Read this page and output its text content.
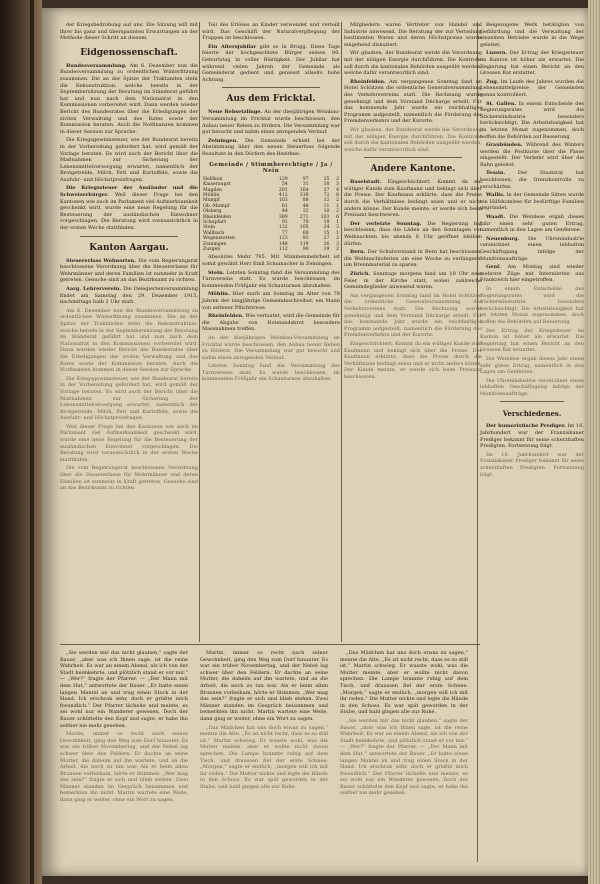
der Kriegsbedrohung auf uns. Die Sitzung will mit ihrer bis ganz und überspannten Erwartungen an der Methode dieser Schritt an diesem.

Eidgenossenschaft.

Bundesversammlung. Am 6. Dezember nun die Bundesversammlung zu ordentlichen Winterfitzung zusammen. Die an der Spitze der Traktanden steht die Rekonstruktion, welche bereits in der Septembersitzung der Beratung im Ständerat geführt hat und nun nach dem Nationalrat in den Kommissionen vorbereitet wird. Dann werden wieder Bericht des Bundesrates über die Erledigungen der zivilen Verwaltung und des Rates sowie der Kommission beraten. Auch die Notfinanzen kommen in dieser Session zur Sprache.

Die Kriegsgewinnsteuer, wie der Bundesrat bereits in der Vorbereitung gefordert hat, wird gemäß der Vorlage beraten. Es wird auch der Bericht über die Maßnahmen zur Sicherung der Lebensmittelversorgung erwartet, namentlich der Brotgetreide, Milch, Fett und Kartoffeln, sowie die Ausfuhr- und Höchstpreisfragen.

Die Kriegssteuer der Ausländer und die Schweizerbürger. Weil dieser Frage bei den Kantonen wie auch im Parlament viel Aufmerksamkeit geschenkt wird, wurde eine neue Regelung für die Besteuerung der ausländischen Einwohner vorgeschlagen. Die Beratung wird voraussichtlich in der ersten Woche stattfinden.

Kanton Aargau.

Steuererlass Wohnorten. Die vom Regierungsrat beschlossene Verordnung über die Steuererlasse für Wehrmänner und deren Familien ist nunmehr in Kraft getreten. Gesuche sind an das Bezirksamt zu richten.

Aarg. Lehrerverein. Die Delegiertenversammlung findet am Samstag den 29. Dezember 1915, nachmittags halb 2 Uhr statt.

Am 6. Dezember nun die Bundesversammlung zu ordentlichen Winterfitzung zusammen. Die an der Spitze der Traktanden steht die Rekonstruktion, welche bereits in der Septembersitzung der Beratung im Ständerat geführt hat und nun nach dem Nationalrat in den Kommissionen vorbereitet wird. Dann werden wieder Bericht des Bundesrates über die Erledigungen der zivilen Verwaltung und des Rates sowie der Kommission beraten. Auch die Notfinanzen kommen in dieser Session zur Sprache.

Die Kriegsgewinnsteuer, wie der Bundesrat bereits in der Vorbereitung gefordert hat, wird gemäß der Vorlage beraten. Es wird auch der Bericht über die Maßnahmen zur Sicherung der Lebensmittelversorgung erwartet, namentlich der Brotgetreide, Milch, Fett und Kartoffeln, sowie die Ausfuhr- und Höchstpreisfragen.

Weil dieser Frage bei den Kantonen wie auch im Parlament viel Aufmerksamkeit geschenkt wird, wurde eine neue Regelung für die Besteuerung der ausländischen Einwohner vorgeschlagen. Die Beratung wird voraussichtlich in der ersten Woche stattfinden.

Die vom Regierungsrat beschlossene Verordnung über die Steuererlasse für Wehrmänner und deren Familien ist nunmehr in Kraft getreten. Gesuche sind an das Bezirksamt zu richten.

Teil des Erlöses an Kinder verwendet und verteilt wird. Das Geschäft der Naturalverpflegung der Truppen ist beschlossen.

Ein Altersjubilar gibt es in Brugg. Diese Tage feierte der hochgeachtete Bürger seinen 80. Geburtstag in voller Rüstigkeit. Der Jubilar hat während vielen Jahren der Gemeinde als Gemeinderat gedient und geniesst allseits hohe Achtung.

Aus dem Fricktal.

Neue Rebsetzlinge. An der diesjährigen Weinbau-Versammlung im Fricktal wurde beschlossen, den Anbau neuer Reben zu fördern. Die Versammlung war gut besucht und nahm einen anregenden Verlauf.

Zeiningen. Die Gemeinde erhielt bei der Abstimmung über den neuen Steuerfuss folgende Resultate in den Dörfern des Bezirkes:

Gemeinde / Stimmberechtigte / Ja / Nein
Hellikon	129	97	25	2
Kaiseraugst	54	31	18	3
Magden	201	164	27	4
Möhlin	412	318	72	8
Mumpf	103	88	12	2
Ob.-Mumpf	61	48	11	1
Olsberg	44	32	10	2
Rheinfelden	389	271	103	6
Schupfart	91	70	19	1
Stein	132	105	24	3
Wallbach	77	60	15	1
Wegenstetten	123	93	27	2
Zeiningen	148	119	26	3
Zuzgen	112	90	19	2

Absolutes Mehr 795. Mit Stimmenmehrheit ist somit gewählt Herr Emil Schumacher in Zeiningen.

Stein. Letzten Sonntag fand die Versammlung des Turnvereins statt. Es wurde beschlossen, im kommenden Frühjahr ein Schauturnen abzuhalten.

Möhlin. Hier starb am Sonntag im Alter von 78 Jahren der langjährige Gemeindeschreiber, ein Mann von seltener Pflichttreue.

Rheinfelden. Wie verlautet, wird die Gemeinde für die Abgabe von Notstandsbrot besondere Massnahmen treffen.

An der diesjährigen Weinbau-Versammlung im Fricktal wurde beschlossen, den Anbau neuer Reben zu fördern. Die Versammlung war gut besucht und nahm einen anregenden Verlauf.

Letzten Sonntag fand die Versammlung des Turnvereins statt. Es wurde beschlossen, im kommenden Frühjahr ein Schauturnen abzuhalten.

Mitgliedern waren Vertreter von Handel und Industrie anwesend. Die Beratung der zur Verteilung bestimmten Waren und deren Höchstpreise wurde eingehend diskutiert.

Wir glauben, der Bundesrat werde die Verordnung mit der nötigen Energie durchführen. Die Kontrolle soll durch die kantonalen Behörden ausgeübt werden, welche dafür verantwortlich sind.

Rheinfelden. Am vergangenen Sonntag fand im Hotel Schützen die ordentliche Generalversammlung des Verkehrsvereins statt. Die Rechnung wurde genehmigt und dem Vorstand Décharge erteilt. Für das kommende Jahr wurde ein reichhaltiges Programm aufgestellt, namentlich die Förderung des Fremdenverkehrs und der Kurorte.

Wir glauben, der Bundesrat werde die Verordnung mit der nötigen Energie durchführen. Die Kontrolle soll durch die kantonalen Behörden ausgeübt werden, welche dafür verantwortlich sind.

Andere Kantone.

Baselstadt. Eingeschüchtert. Kommt da ein wütiger Kunde zum Kaufmann und beklagt sich über die Preise. Der Kaufmann erklärte, dass die Preise durch die Verhältnisse bedingt seien und er nicht anders könne. Der Kunde meinte, er werde sich beim Preisamt beschweren.

Der verletzte Sonntag. Die Regierung hat beschlossen, dass die Läden an den Sonntagen vor Weihnachten bis abends 6 Uhr geöffnet bleiben dürfen.

Bern. Der Schulvorstand in Bern hat beschlossen, die Weihnachtsferien um eine Woche zu verlängern, um Brennmaterial zu sparen.

Zürich. Sonntags morgens fand um 10 Uhr eine Feier in der Kirche statt, wobei zahlreiche Gemeindeglieder anwesend waren.

Am vergangenen Sonntag fand im Hotel Schützen die ordentliche Generalversammlung des Verkehrsvereins statt. Die Rechnung wurde genehmigt und dem Vorstand Décharge erteilt. Für das kommende Jahr wurde ein reichhaltiges Programm aufgestellt, namentlich die Förderung des Fremdenverkehrs und der Kurorte.

Eingeschüchtert. Kommt da ein wütiger Kunde zum Kaufmann und beklagt sich über die Preise. Der Kaufmann erklärte, dass die Preise durch die Verhältnisse bedingt seien und er nicht anders könne. Der Kunde meinte, er werde sich beim Preisamt beschweren.

Beigezogene Werk betätigten von Gefährdung und die Verwaltung der einzelnen Betriebe wurde in die Wege geleitet.

Luzern. Der Ertrag der Kriegssteuer im Kanton ist höher als erwartet. Die Regierung hat einen Bericht an den Grossen Rat erstattet.

Zug. Im Laufe des Jahres wurden die Lebensmittelpreise der Gemeinden genau kontrolliert.

St. Gallen. In einem Entscheide des Regierungsrates wird die Stickereiindustrie besonders berücksichtigt. Die Arbeitslosigkeit hat im letzten Monat zugenommen, doch hoffen die Behörden auf Besserung.

Graubünden. Während des Winters werden die Postkurse über die Pässe eingestellt. Der Verkehr wird über die Bahn geleitet.

Tessin.	Der Staatsrat hat beschlossen, die Grenzkontrolle zu verschärfen.

Wallis. In der Gemeinde Sitten wurde ein Hilfskomitee für bedürftige Familien gegründet.

Waadt. Die Weinlese ergab dieses Jahr einen sehr guten Ertrag, namentlich in den Lagen am Genfersee.

Neuenburg. Die Uhrenindustrie verzeichnet einen lebhaften Geschäftsgang infolge der Munitionsaufträge.

Genf. Am Montag sind wieder mehrere Züge mit Internierten aus Frankreich hier eingetroffen.

In einem Entscheide des Regierungsrates wird die Stickereiindustrie besonders berücksichtigt. Die Arbeitslosigkeit hat im letzten Monat zugenommen, doch hoffen die Behörden auf Besserung.

Der Ertrag der Kriegssteuer im Kanton ist höher als erwartet. Die Regierung hat einen Bericht an den Grossen Rat erstattet.

Die Weinlese ergab dieses Jahr einen sehr guten Ertrag, namentlich in den Lagen am Genfersee.

Die Uhrenindustrie verzeichnet einen lebhaften Geschäftsgang infolge der Munitionsaufträge.

Verschiedenes.

Der humoristische Prediger. Im 16. Jahrhundert war der Franziskaner Prediger bekannt für seine scherzhaften Predigten. Fortsetzung folgt.

Im 16. Jahrhundert war der Franziskaner Prediger bekannt für seine scherzhaften Predigten. Fortsetzung folgt.

„Sie werden mir das nicht glauben,“ sagte der Bauer, „aber was ich Ihnen sage, ist die reine Wahrheit. Es war an einem Abend, als ich von der Stadt heimkehrte, und plötzlich stand er vor mir.“ — „Wer?“ fragte der Pfarrer. — „Der Mann mit dem Hut,“ antwortete der Bauer. „Er hatte einen langen Mantel an und trug einen Stock in der Hand. Ich erschrak sehr, doch er grüßte mich freundlich.“ Der Pfarrer lächelte und meinte, es sei wohl nur ein Wanderer gewesen. Doch der Bauer schüttelte den Kopf und sagte, er habe ihn seither nie mehr gesehen.

Martin, immer so recht nach seiner Gewohnheit, ging den Weg zum Dorf hinunter. Es war ein trüber Novembertag, und der Nebel lag schwer über den Feldern. Er dachte an seine Mutter, die daheim auf ihn wartete, und an die Arbeit, die noch zu tun war. Als er beim alten Brunnen vorbeikam, hörte er Stimmen. „Wer mag das sein?“ fragte er sich und blieb stehen. Zwei Männer standen im Gespräch beisammen und bemerkten ihn nicht. Martin wartete eine Weile, dann ging er weiter, ohne ein Wort zu sagen.

Martin, immer so recht nach seiner Gewohnheit, ging den Weg zum Dorf hinunter. Es war ein trüber Novembertag, und der Nebel lag schwer über den Feldern. Er dachte an seine Mutter, die daheim auf ihn wartete, und an die Arbeit, die noch zu tun war. Als er beim alten Brunnen vorbeikam, hörte er Stimmen. „Wer mag das sein?“ fragte er sich und blieb stehen. Zwei Männer standen im Gespräch beisammen und bemerkten ihn nicht. Martin wartete eine Weile, dann ging er weiter, ohne ein Wort zu sagen.

„Das Mädchen hat uns doch etwas zu sagen,“ meinte die Alte. „Es ist nicht recht, dass es so still ist.“ Martin schwieg. Er wusste wohl, was die Mutter meinte, aber er wollte nicht davon sprechen. Die Lampe brannte ruhig auf dem Tisch, und draussen fiel der erste Schnee. „Morgen,“ sagte er endlich, „morgen will ich mit ihr reden.“ Die Mutter nickte und legte die Hände in den Schoss. Es war spät geworden in der Stube, und bald gingen alle zur Ruhe.

„Das Mädchen hat uns doch etwas zu sagen,“ meinte die Alte. „Es ist nicht recht, dass es so still ist.“ Martin schwieg. Er wusste wohl, was die Mutter meinte, aber er wollte nicht davon sprechen. Die Lampe brannte ruhig auf dem Tisch, und draussen fiel der erste Schnee. „Morgen,“ sagte er endlich, „morgen will ich mit ihr reden.“ Die Mutter nickte und legte die Hände in den Schoss. Es war spät geworden in der Stube, und bald gingen alle zur Ruhe.

„Sie werden mir das nicht glauben,“ sagte der Bauer, „aber was ich Ihnen sage, ist die reine Wahrheit. Es war an einem Abend, als ich von der Stadt heimkehrte, und plötzlich stand er vor mir.“ — „Wer?“ fragte der Pfarrer. — „Der Mann mit dem Hut,“ antwortete der Bauer. „Er hatte einen langen Mantel an und trug einen Stock in der Hand. Ich erschrak sehr, doch er grüßte mich freundlich.“ Der Pfarrer lächelte und meinte, es sei wohl nur ein Wanderer gewesen. Doch der Bauer schüttelte den Kopf und sagte, er habe ihn seither nie mehr gesehen.
